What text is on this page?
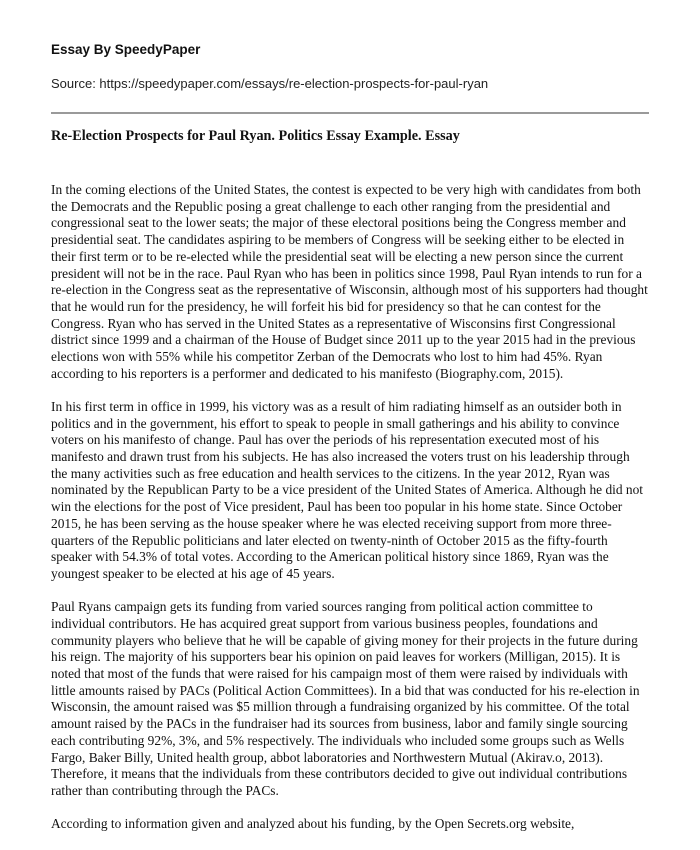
Essay By SpeedyPaper
Source: https://speedypaper.com/essays/re-election-prospects-for-paul-ryan
Re-Election Prospects for Paul Ryan. Politics Essay Example. Essay

In the coming elections of the United States, the contest is expected to be very high with candidates from both the Democrats and the Republic posing a great challenge to each other ranging from the presidential and congressional seat to the lower seats; the major of these electoral positions being the Congress member and presidential seat. The candidates aspiring to be members of Congress will be seeking either to be elected in their first term or to be re-elected while the presidential seat will be electing a new person since the current president will not be in the race. Paul Ryan who has been in politics since 1998, Paul Ryan intends to run for a re-election in the Congress seat as the representative of Wisconsin, although most of his supporters had thought that he would run for the presidency, he will forfeit his bid for presidency so that he can contest for the Congress. Ryan who has served in the United States as a representative of Wisconsins first Congressional district since 1999 and a chairman of the House of Budget since 2011 up to the year 2015 had in the previous elections won with 55% while his competitor Zerban of the Democrats who lost to him had 45%. Ryan according to his reporters is a performer and dedicated to his manifesto (Biography.com, 2015).

In his first term in office in 1999, his victory was as a result of him radiating himself as an outsider both in politics and in the government, his effort to speak to people in small gatherings and his ability to convince voters on his manifesto of change. Paul has over the periods of his representation executed most of his manifesto and drawn trust from his subjects. He has also increased the voters trust on his leadership through the many activities such as free education and health services to the citizens. In the year 2012, Ryan was nominated by the Republican Party to be a vice president of the United States of America. Although he did not win the elections for the post of Vice president, Paul has been too popular in his home state. Since October 2015, he has been serving as the house speaker where he was elected receiving support from more three-quarters of the Republic politicians and later elected on twenty-ninth of October 2015 as the fifty-fourth speaker with 54.3% of total votes. According to the American political history since 1869, Ryan was the youngest speaker to be elected at his age of 45 years.

Paul Ryans campaign gets its funding from varied sources ranging from political action committee to individual contributors. He has acquired great support from various business peoples, foundations and community players who believe that he will be capable of giving money for their projects in the future during his reign. The majority of his supporters bear his opinion on paid leaves for workers (Milligan, 2015). It is noted that most of the funds that were raised for his campaign most of them were raised by individuals with little amounts raised by PACs (Political Action Committees). In a bid that was conducted for his re-election in Wisconsin, the amount raised was $5 million through a fundraising organized by his committee. Of the total amount raised by the PACs in the fundraiser had its sources from business, labor and family single sourcing each contributing 92%, 3%, and 5% respectively. The individuals who included some groups such as Wells Fargo, Baker Billy, United health group, abbot laboratories and Northwestern Mutual (Akirav.o, 2013). Therefore, it means that the individuals from these contributors decided to give out individual contributions rather than contributing through the PACs.

According to information given and analyzed about his funding, by the Open Secrets.org website,
